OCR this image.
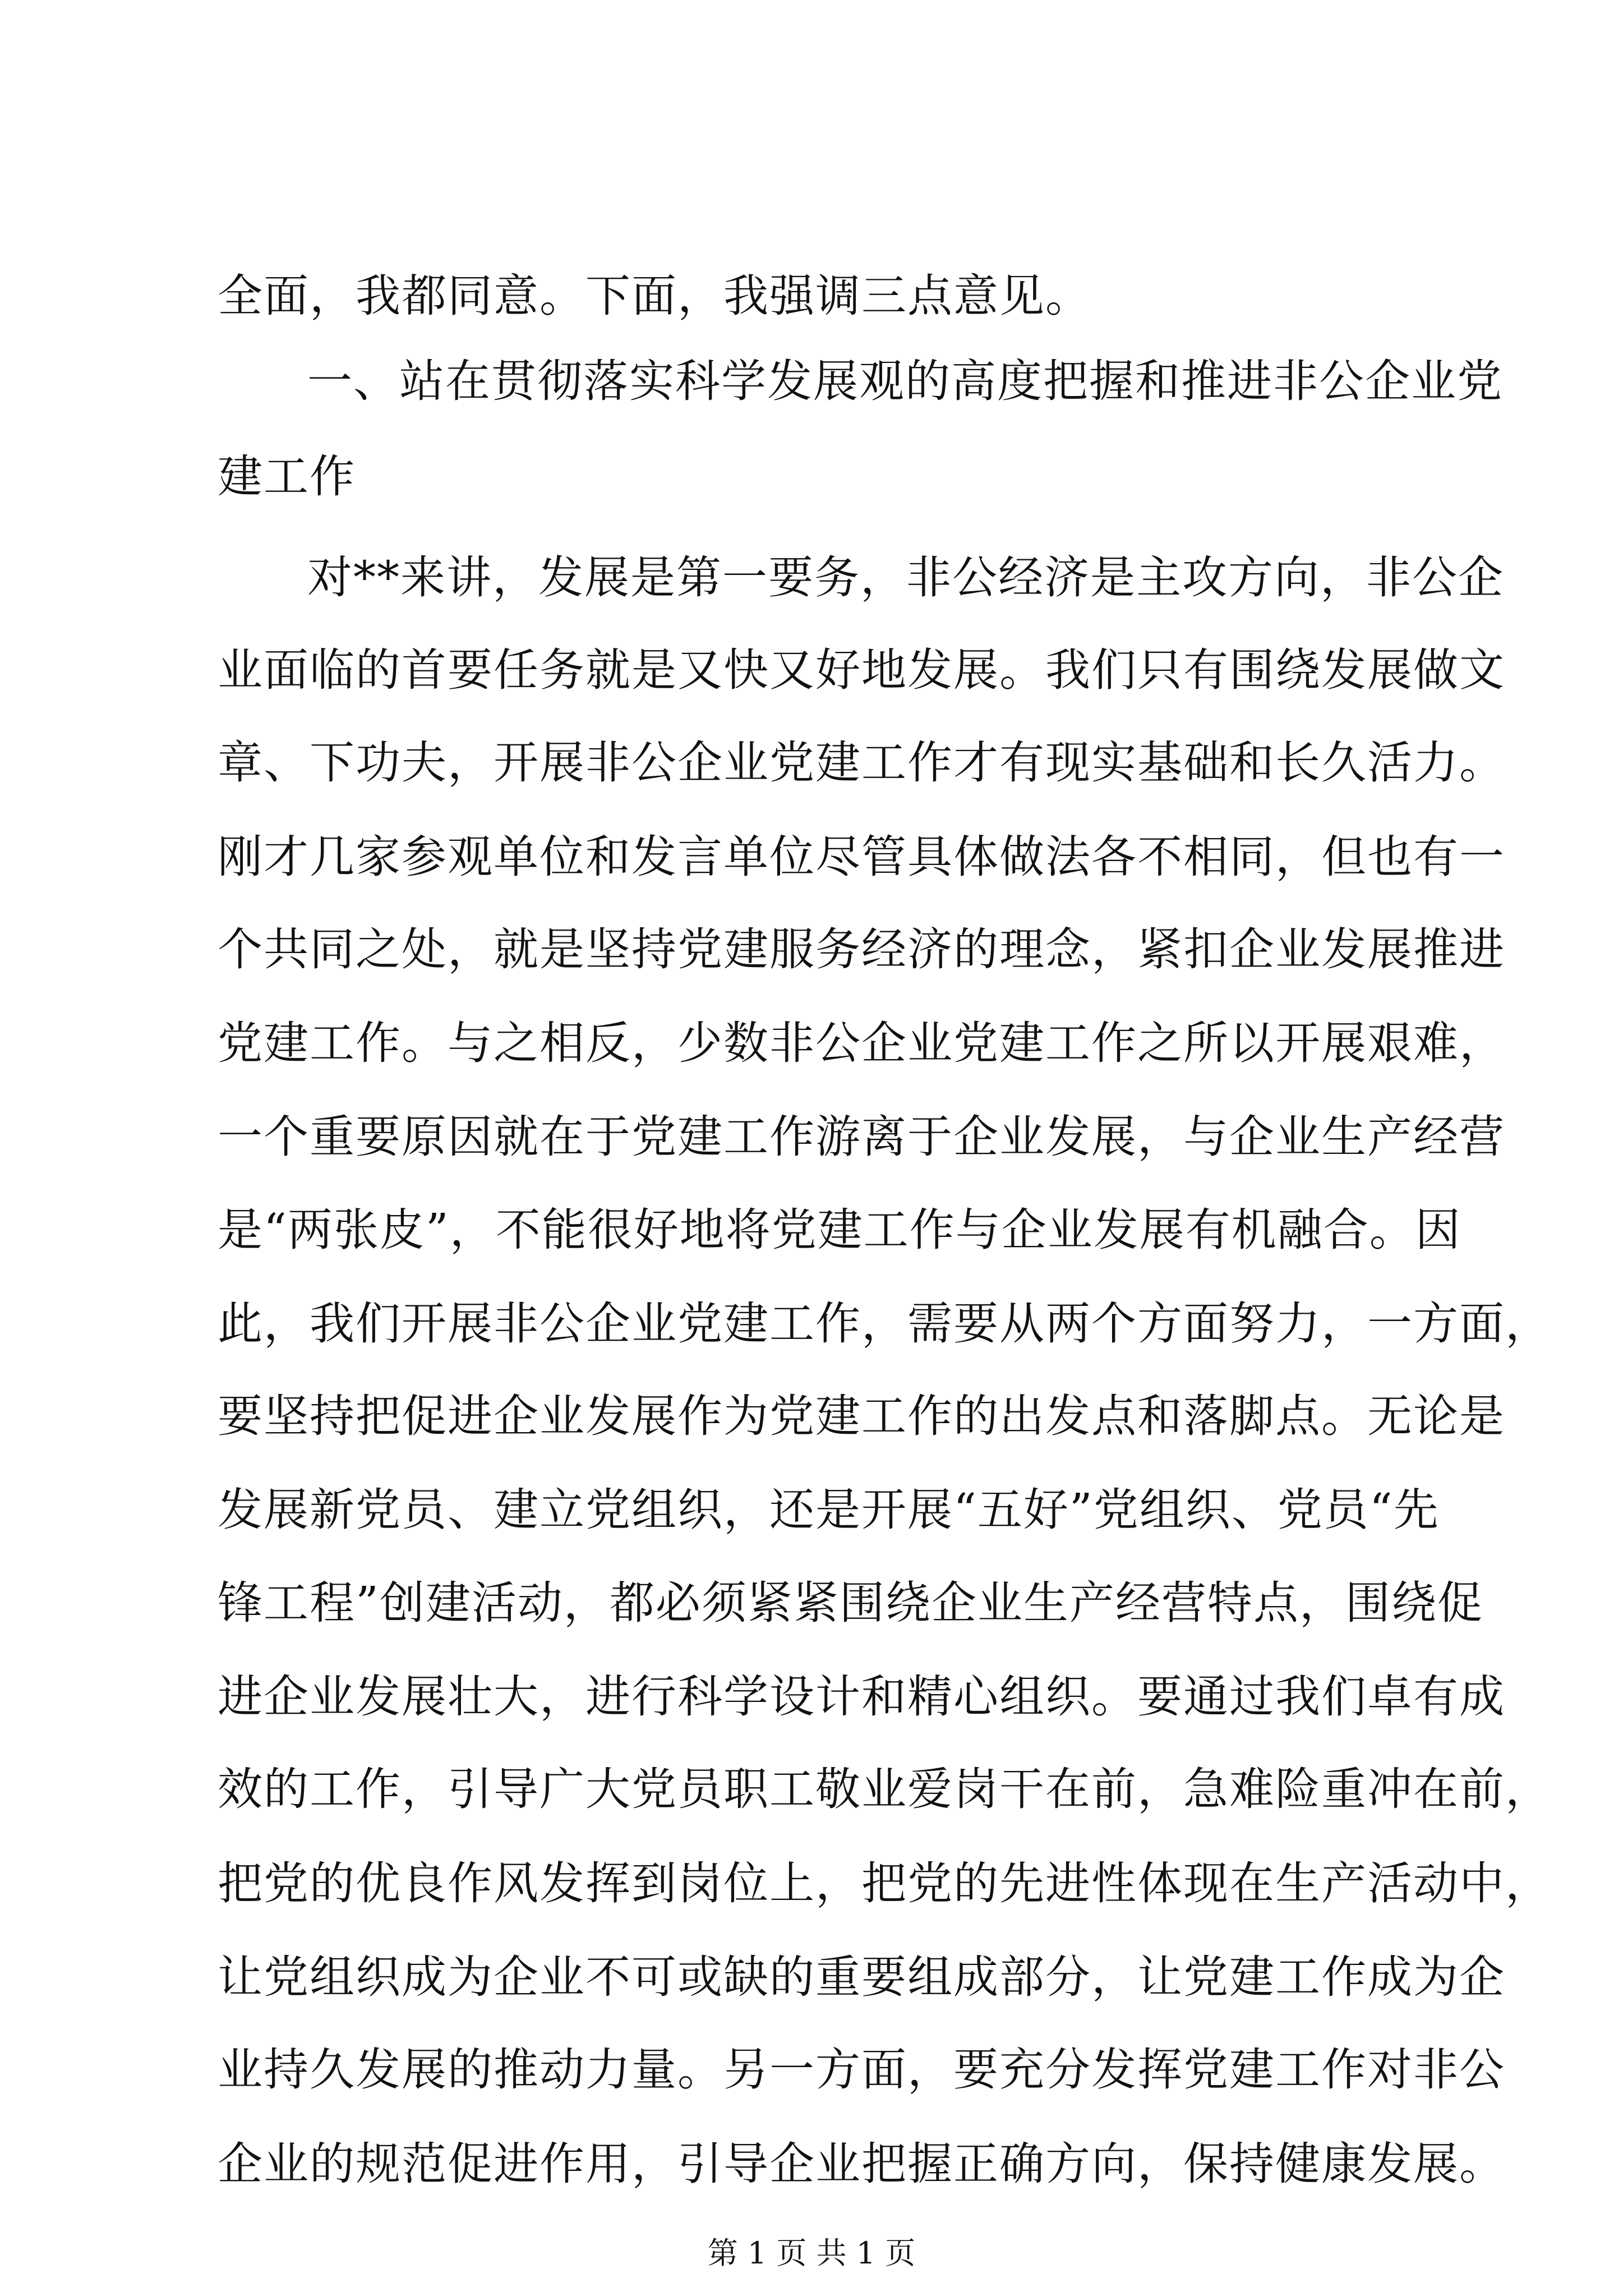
全面，我都同意。下面，我强调三点意见。
一、站在贯彻落实科学发展观的高度把握和推进非公企业党
建工作
对**来讲，发展是第一要务，非公经济是主攻方向，非公企
业面临的首要任务就是又快又好地发展。我们只有围绕发展做文
章、下功夫，开展非公企业党建工作才有现实基础和长久活力。
刚才几家参观单位和发言单位尽管具体做法各不相同，但也有一
个共同之处，就是坚持党建服务经济的理念，紧扣企业发展推进
党建工作。与之相反，少数非公企业党建工作之所以开展艰难，
一个重要原因就在于党建工作游离于企业发展，与企业生产经营
是“两张皮”，不能很好地将党建工作与企业发展有机融合。因
此，我们开展非公企业党建工作，需要从两个方面努力，一方面，
要坚持把促进企业发展作为党建工作的出发点和落脚点。无论是
发展新党员、建立党组织，还是开展“五好”党组织、党员“先
锋工程”创建活动，都必须紧紧围绕企业生产经营特点，围绕促
进企业发展壮大，进行科学设计和精心组织。要通过我们卓有成
效的工作，引导广大党员职工敬业爱岗干在前，急难险重冲在前，
把党的优良作风发挥到岗位上，把党的先进性体现在生产活动中，
让党组织成为企业不可或缺的重要组成部分，让党建工作成为企
业持久发展的推动力量。另一方面，要充分发挥党建工作对非公
企业的规范促进作用，引导企业把握正确方向，保持健康发展。
第 1 页 共 1 页
